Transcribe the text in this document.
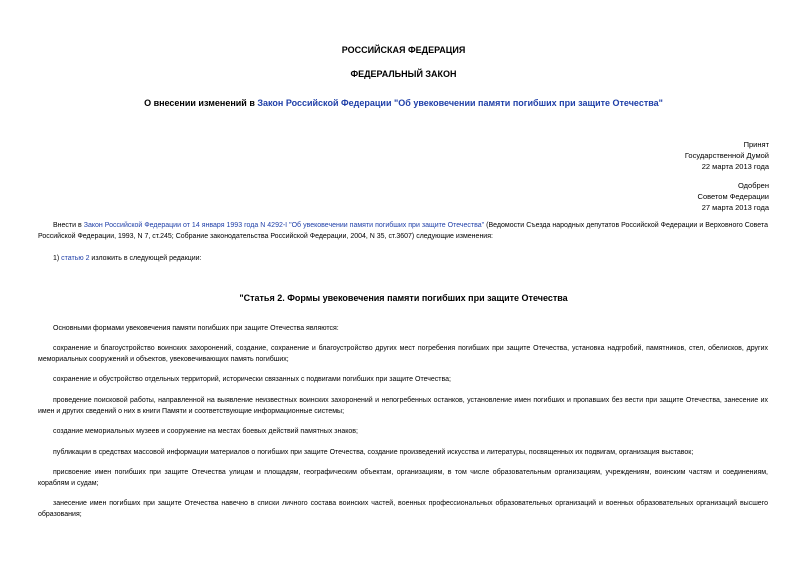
РОССИЙСКАЯ ФЕДЕРАЦИЯ
ФЕДЕРАЛЬНЫЙ ЗАКОН
О внесении изменений в Закон Российской Федерации "Об увековечении памяти погибших при защите Отечества"
Принят
Государственной Думой
22 марта 2013 года
Одобрен
Советом Федерации
27 марта 2013 года
Внести в Закон Российской Федерации от 14 января 1993 года N 4292-I "Об увековечении памяти погибших при защите Отечества" (Ведомости Съезда народных депутатов Российской Федерации и Верховного Совета Российской Федерации, 1993, N 7, ст.245; Собрание законодательства Российской Федерации, 2004, N 35, ст.3607) следующие изменения:
1) статью 2 изложить в следующей редакции:
"Статья 2. Формы увековечения памяти погибших при защите Отечества
Основными формами увековечения памяти погибших при защите Отечества являются:
сохранение и благоустройство воинских захоронений, создание, сохранение и благоустройство других мест погребения погибших при защите Отечества, установка надгробий, памятников, стел, обелисков, других мемориальных сооружений и объектов, увековечивающих память погибших;
сохранение и обустройство отдельных территорий, исторически связанных с подвигами погибших при защите Отечества;
проведение поисковой работы, направленной на выявление неизвестных воинских захоронений и непогребенных останков, установление имен погибших и пропавших без вести при защите Отечества, занесение их имен и других сведений о них в книги Памяти и соответствующие информационные системы;
создание мемориальных музеев и сооружение на местах боевых действий памятных знаков;
публикации в средствах массовой информации материалов о погибших при защите Отечества, создание произведений искусства и литературы, посвященных их подвигам, организация выставок;
присвоение имен погибших при защите Отечества улицам и площадям, географическим объектам, организациям, в том числе образовательным организациям, учреждениям, воинским частям и соединениям, кораблям и судам;
занесение имен погибших при защите Отечества навечно в списки личного состава воинских частей, военных профессиональных образовательных организаций и военных образовательных организаций высшего образования;
